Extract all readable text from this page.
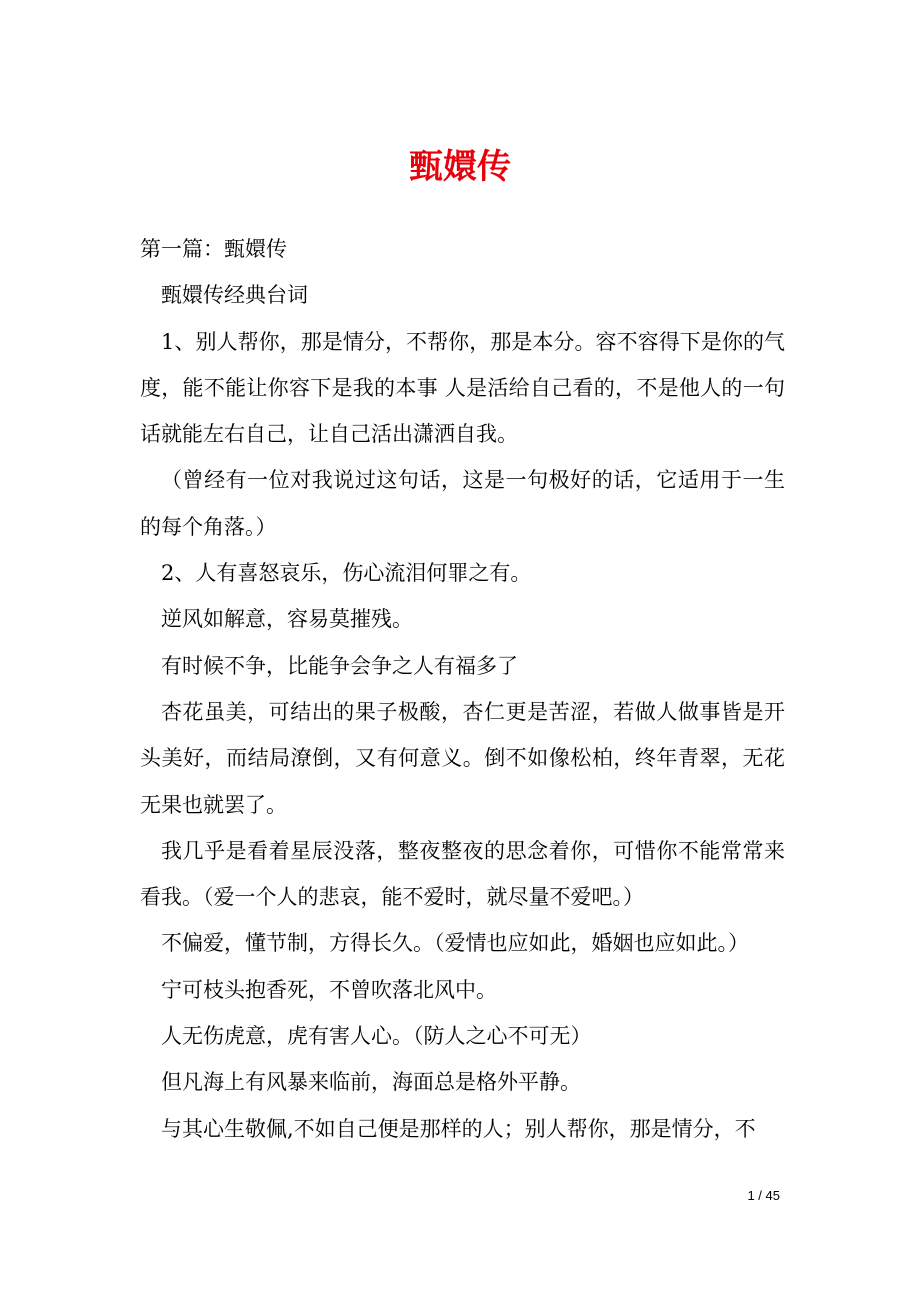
甄嬛传

第一篇：甄嬛传

甄嬛传经典台词

1、别人帮你，那是情分，不帮你，那是本分。容不容得下是你的气度，能不能让你容下是我的本事 人是活给自己看的，不是他人的一句话就能左右自己，让自己活出潇洒自我。

（曾经有一位对我说过这句话，这是一句极好的话，它适用于一生的每个角落。）

2、人有喜怒哀乐，伤心流泪何罪之有。

逆风如解意，容易莫摧残。

有时候不争，比能争会争之人有福多了

杏花虽美，可结出的果子极酸，杏仁更是苦涩，若做人做事皆是开头美好，而结局潦倒，又有何意义。倒不如像松柏，终年青翠，无花无果也就罢了。

我几乎是看着星辰没落，整夜整夜的思念着你，可惜你不能常常来看我。（爱一个人的悲哀，能不爱时，就尽量不爱吧。）

不偏爱，懂节制，方得长久。（爱情也应如此，婚姻也应如此。）

宁可枝头抱香死，不曾吹落北风中。

人无伤虎意，虎有害人心。（防人之心不可无）

但凡海上有风暴来临前，海面总是格外平静。

与其心生敬佩,不如自己便是那样的人；别人帮你，那是情分，不

1 / 45
